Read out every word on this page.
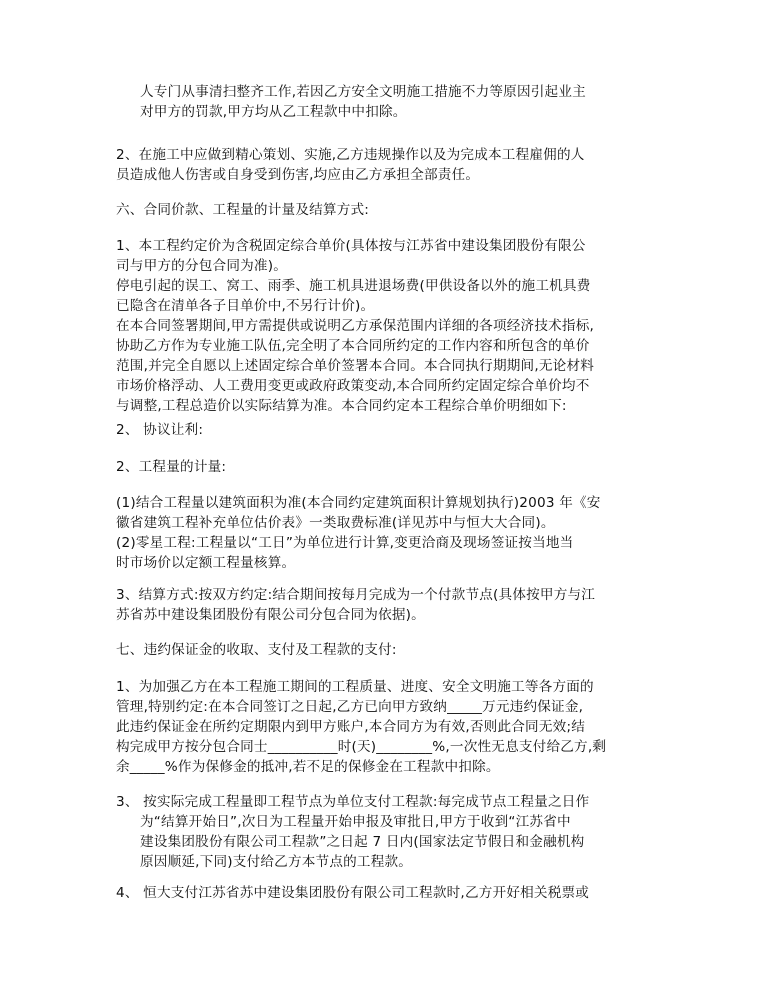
人专门从事清扫整齐工作,若因乙方安全文明施工措施不力等原因引起业主
对甲方的罚款,甲方均从乙工程款中中扣除。

2、在施工中应做到精心策划、实施,乙方违规操作以及为完成本工程雇佣的人
员造成他人伤害或自身受到伤害,均应由乙方承担全部责任。

六、合同价款、工程量的计量及结算方式:

1、本工程约定价为含税固定综合单价(具体按与江苏省中建设集团股份有限公
司与甲方的分包合同为准)。
停电引起的误工、窝工、雨季、施工机具进退场费(甲供设备以外的施工机具费
已隐含在清单各子目单价中,不另行计价)。
在本合同签署期间,甲方需提供或说明乙方承保范围内详细的各项经济技术指标,
协助乙方作为专业施工队伍,完全明了本合同所约定的工作内容和所包含的单价
范围,并完全自愿以上述固定综合单价签署本合同。本合同执行期期间,无论材料
市场价格浮动、人工费用变更或政府政策变动,本合同所约定固定综合单价均不
与调整,工程总造价以实际结算为准。本合同约定本工程综合单价明细如下:

2、 协议让利:

2、工程量的计量:

(1)结合工程量以建筑面积为准(本合同约定建筑面积计算规划执行)2003 年《安
徽省建筑工程补充单位估价表》一类取费标准(详见苏中与恒大大合同)。
(2)零星工程:工程量以“工日”为单位进行计算,变更洽商及现场签证按当地当
时市场价以定额工程量核算。

3、结算方式:按双方约定:结合期间按每月完成为一个付款节点(具体按甲方与江
苏省苏中建设集团股份有限公司分包合同为依据)。

七、违约保证金的收取、支付及工程款的支付:

1、为加强乙方在本工程施工期间的工程质量、进度、安全文明施工等各方面的
管理,特别约定:在本合同签订之日起,乙方已向甲方致纳_____万元违约保证金,
此违约保证金在所约定期限内到甲方账户,本合同方为有效,否则此合同无效;结
构完成甲方按分包合同士__________时(天)________%,一次性无息支付给乙方,剩
余_____%作为保修金的抵冲,若不足的保修金在工程款中扣除。

3、 按实际完成工程量即工程节点为单位支付工程款:每完成节点工程量之日作
为“结算开始日”,次日为工程量开始申报及审批日,甲方于收到“江苏省中
建设集团股份有限公司工程款”之日起 7 日内(国家法定节假日和金融机构
原因顺延,下同)支付给乙方本节点的工程款。

4、 恒大支付江苏省苏中建设集团股份有限公司工程款时,乙方开好相关税票或
